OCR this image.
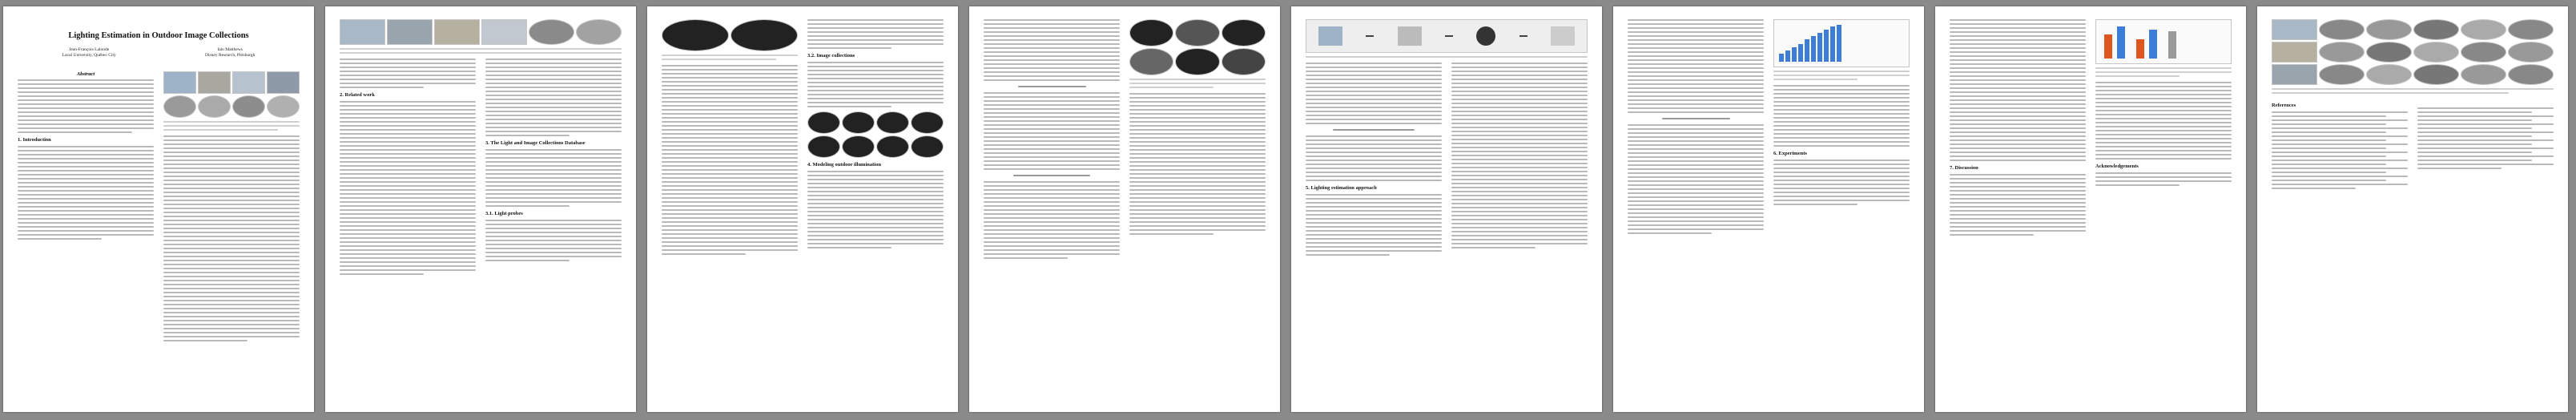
Lighting Estimation in Outdoor Image Collections
Jean-François Lalonde
Laval University, Québec City
Iain Matthews
Disney Research, Pittsburgh
Abstract
1. Introduction
2. Related work
3. The Light and Image Collections Database
3.1. Light probes
3.2. Image collections
4. Modeling outdoor illumination
5. Lighting estimation approach
6. Experiments
7. Discussion	Acknowledgements
References
